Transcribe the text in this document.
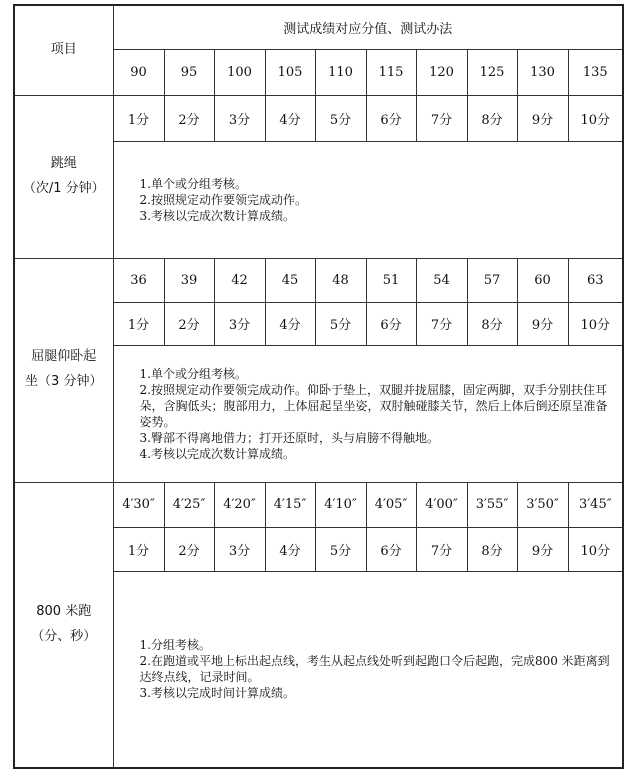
项目	测试成绩对应分值、测试办法									
	90	95	100	105	110	115	120	125	130	135

跳绳
（次/1 分钟）	1分	2分	3分	4分	5分	6分	7分	8分	9分	10分

	1.单个或分组考核。
2.按照规定动作要领完成动作。
3.考核以完成次数计算成绩。									

屈腿仰卧起
坐（3 分钟）	36	39	42	45	48	51	54	57	60	63
	1分	2分	3分	4分	5分	6分	7分	8分	9分	10分

	1.单个或分组考核。
2.按照规定动作要领完成动作。仰卧于垫上，双腿并拢屈膝，固定两脚，双手分别扶住耳朵，含胸低头；腹部用力，上体屈起呈坐姿，双肘触碰膝关节，然后上体后倒还原呈准备姿势。
3.臀部不得离地借力；打开还原时，头与肩膀不得触地。
4.考核以完成次数计算成绩。									

800 米跑
（分、秒）	4′30″	4′25″	4′20″	4′15″	4′10″	4′05″	4′00″	3′55″	3′50″	3′45″
	1分	2分	3分	4分	5分	6分	7分	8分	9分	10分

	1.分组考核。
2.在跑道或平地上标出起点线，考生从起点线处听到起跑口令后起跑，完成800 米距离到达终点线，记录时间。
3.考核以完成时间计算成绩。									
